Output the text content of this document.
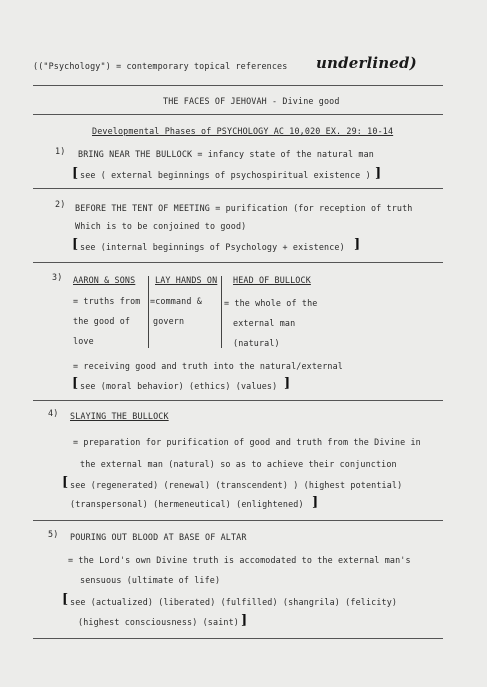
(("Psychology") = contemporary topical references underlined)
THE FACES OF JEHOVAH - Divine good
Developmental Phases of PSYCHOLOGY AC 10,020 EX. 29: 10-14
1) BRING NEAR THE BULLOCK = infancy state of the natural man
[ see ( external beginnings of psychospiritual existence ) ]
2) BEFORE THE TENT OF MEETING = purification (for reception of truth
Which is to be conjoined to good)
[ see (internal beginnings of Psychology + existence) ]
3) AARON & SONS LAY HANDS ON HEAD OF BULLOCK
= truths from
the good of
love
=command &
govern
= the whole of the
external man
(natural)
= receiving good and truth into the natural/external
[ see (moral behavior) (ethics) (values) ]
4) SLAYING THE BULLOCK
= preparation for purification of good and truth from the Divine in
the external man (natural) so as to achieve their conjunction
[ see (regenerated) (renewal) (transcendent) ) (highest potential)
(transpersonal) (hermeneutical) (enlightened) ]
5) POURING OUT BLOOD AT BASE OF ALTAR
= the Lord's own Divine truth is accomodated to the external man's
sensuous (ultimate of life)
[ see (actualized) (liberated) (fulfilled) (shangrila) (felicity)
(highest consciousness) (saint) ]
